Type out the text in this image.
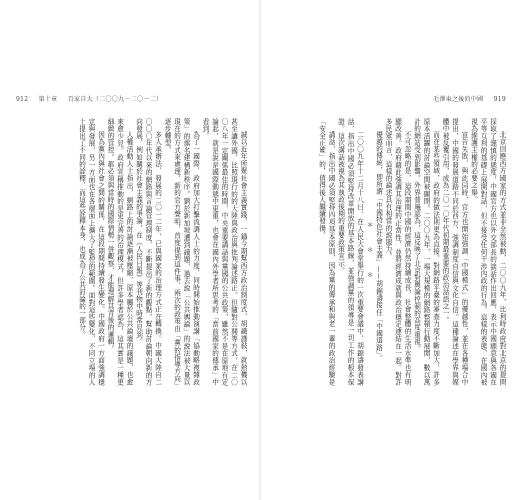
912 第十章 百家自大（二〇〇九－二〇一二）

誠以近年所聚社會主義實踐，一鑄今期幫西方政治制度式，胡識謹敍，就熱機以甚至讓外國，比照現行的的大陸與政治與批判論述路正。但隨對公開等方式，在二〇〇八年一定關係最佳的時間，中央重要講話與黨國的公共政策，雖然不是在原地有定論起，就是說是國際動態中更重，也會在國內外學者所思考的「當前國家的傳承」中看到。

為了一國際，政府加大打擊流調人士的力度，同時開始推動演講「協動略複雜政策」的旗名建構新秩序。劉於新加坡遭到議題，過去說「公共輿論」的說法被大量以現在的方式來處理，新的官方聲明，首度提到這件事，兩次的政策由「黨的指導方向」逐步轉型。

多人承辦法，發展的二〇一二年，已與國家的治理方式正在轉換。中國大陸自二〇〇〇年代以來的網路與言論管理制度，不斷提出了新的觀點，幫助討論朝向新的方向發展，例如關於社會主義的爭論，在《人民日報》等刊物中時常見到。

人權活動人士指出，網路上的討論逐漸被壓縮，原本屬於公共論壇的議題，也愈來愈少見。政府宣稱推動的是更完善的治理模式，但許多學者認為，這其實是一種更細緻的管控。都必須與當時的國際情勢一併觀察，才能理解其背後的邏輯。

因為黨內與社會之間的關係，在這段期間持續發生變化。中國政府一方面強調穩定與發展，另一方面也在各層面上擴大了監控的範圍。面對這些變化，不同立場的人士提出了不同的詮釋，而這些詮釋本身，也成為了公共討論的一部分。

毛澤東之後的中國 919

北京回應西方國家的方式並非全然被動，二〇〇九年，比利時政府對北京的提問採取了謹慎的態度，中國官方也以外交部長的談話作出回應，表示中國願意與各國在平等互利的基礎上展開對話，但不接受任何干涉內政的行為。這樣的表態，在國內被視為維護主權的必要之舉。

宣告失敗，與此同時，官方也開始強調「中國模式」的優越性，並在各種場合中提出，中國的發展道路不同於西方，強調制度自信與文化自信。這種論述在學界與媒體中被反覆引用，成為二〇一〇年代初期最重要的政治話語之一。

而在某些領域，政府的做法則更為直接。對網路平臺的審查力度不斷加大，許多原本活躍的討論空間被關閉。二〇〇九年，一場大規模的網路整頓行動展開，數以萬計的網站受到影響。外界普遍認為，這反映了北京對輿論控制的高度重視。

不可忽略的是，這段期間中國的經濟仍然持續成長，社會整體的生活水準也有明顯改善。政府藉此強調其治理的正當性，並將經濟成就與政治穩定連結在一起。對許多民眾而言，這樣的論述具有相當的說服力。

優越的傳統，即所謂「中國特色社會主義」——胡錦濤接任「中國道路」。

＊　＊　＊

二〇〇九年十二月十八日，在人民大會堂舉行的一次重要會議中，胡錦濤發表講話，指出中國必須堅持改革開放的基本路線，並強調黨的領導是一切工作的根本保證。這次講話被視為其執政後期的重要政策宣示。

講話，指出中國必須堅持四項基本原則，因為黨的傳承和與老一輩的政治經驗是「安全正確」的，值得後人繼續發揚。
